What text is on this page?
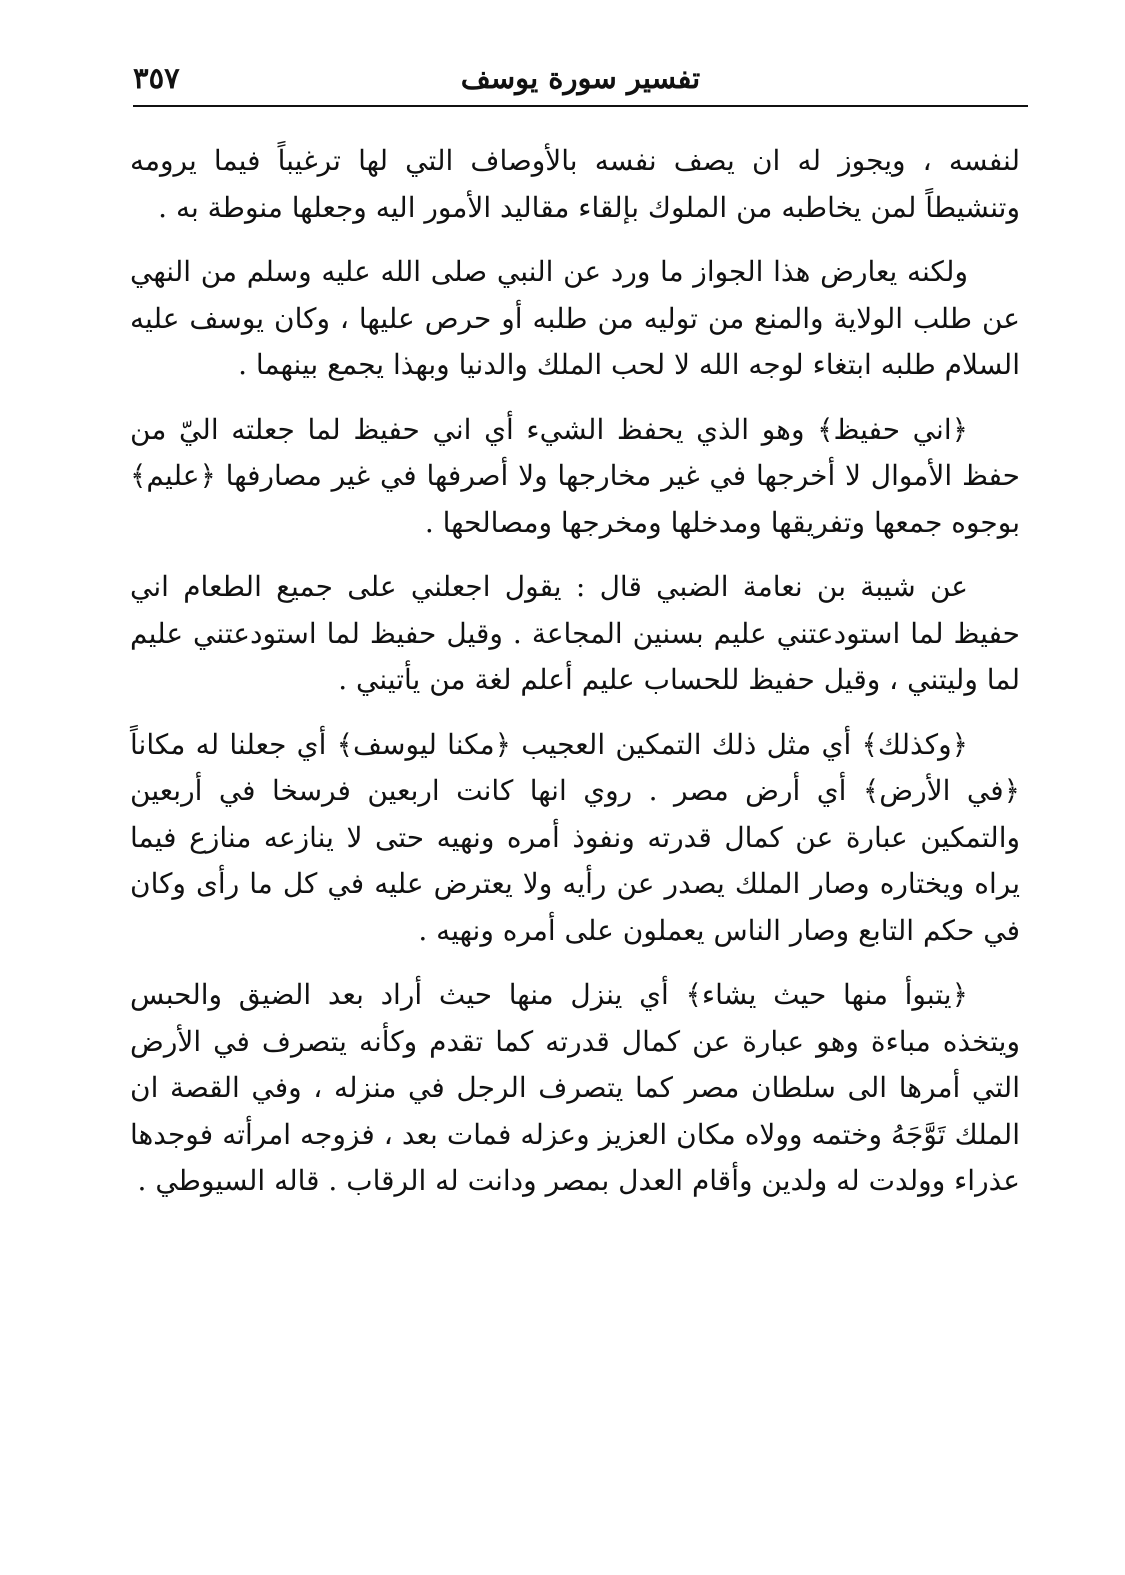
تفسير سورة يوسف
٣٥٧

لنفسه ، ويجوز له ان يصف نفسه بالأوصاف التي لها ترغيباً فيما يرومه وتنشيطاً لمن يخاطبه من الملوك بإلقاء مقاليد الأمور اليه وجعلها منوطة به .

ولكنه يعارض هذا الجواز ما ورد عن النبي صلى الله عليه وسلم من النهي عن طلب الولاية والمنع من توليه من طلبه أو حرص عليها ، وكان يوسف عليه السلام طلبه ابتغاء لوجه الله لا لحب الملك والدنيا وبهذا يجمع بينهما .

﴿اني حفيظ﴾ وهو الذي يحفظ الشيء أي اني حفيظ لما جعلته اليّ من حفظ الأموال لا أخرجها في غير مخارجها ولا أصرفها في غير مصارفها ﴿عليم﴾ بوجوه جمعها وتفريقها ومدخلها ومخرجها ومصالحها .

عن شيبة بن نعامة الضبي قال : يقول اجعلني على جميع الطعام اني حفيظ لما استودعتني عليم بسنين المجاعة . وقيل حفيظ لما استودعتني عليم لما وليتني ، وقيل حفيظ للحساب عليم أعلم لغة من يأتيني .

﴿وكذلك﴾ أي مثل ذلك التمكين العجيب ﴿مكنا ليوسف﴾ أي جعلنا له مكاناً ﴿في الأرض﴾ أي أرض مصر . روي انها كانت اربعين فرسخا في أربعين والتمكين عبارة عن كمال قدرته ونفوذ أمره ونهيه حتى لا ينازعه منازع فيما يراه ويختاره وصار الملك يصدر عن رأيه ولا يعترض عليه في كل ما رأى وكان في حكم التابع وصار الناس يعملون على أمره ونهيه .

﴿يتبوأ منها حيث يشاء﴾ أي ينزل منها حيث أراد بعد الضيق والحبس ويتخذه مباءة وهو عبارة عن كمال قدرته كما تقدم وكأنه يتصرف في الأرض التي أمرها الى سلطان مصر كما يتصرف الرجل في منزله ، وفي القصة ان الملك تَوَّجَهُ وختمه وولاه مكان العزيز وعزله فمات بعد ، فزوجه امرأته فوجدها عذراء وولدت له ولدين وأقام العدل بمصر ودانت له الرقاب . قاله السيوطي .
